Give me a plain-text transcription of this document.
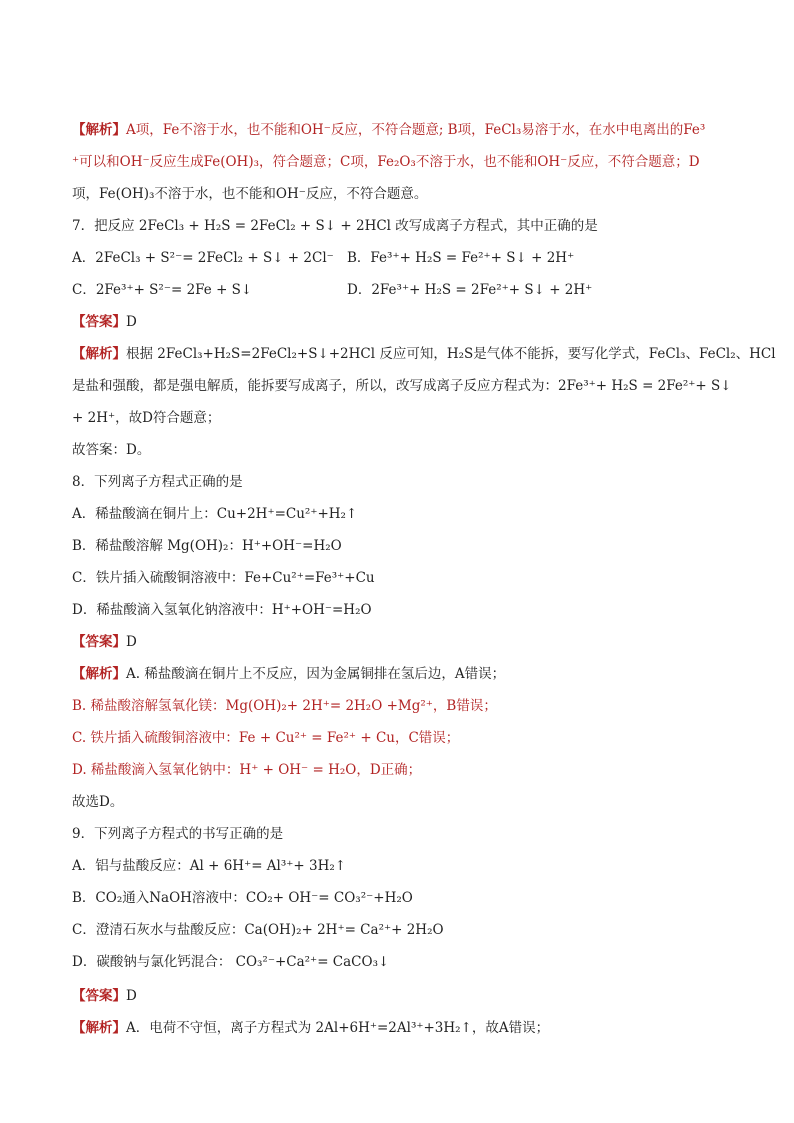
【解析】A项，Fe不溶于水，也不能和OH⁻反应，不符合题意; B项，FeCl₃易溶于水，在水中电离出的Fe³
⁺可以和OH⁻反应生成Fe(OH)₃，符合题意；C项，Fe₂O₃不溶于水，也不能和OH⁻反应，不符合题意；D
项，Fe(OH)₃不溶于水，也不能和OH⁻反应，不符合题意。
7．把反应 2FeCl₃ + H₂S = 2FeCl₂ + S↓ + 2HCl 改写成离子方程式，其中正确的是
A．2FeCl₃ + S²⁻= 2FeCl₂ + S↓ + 2Cl⁻ B．Fe³⁺+ H₂S = Fe²⁺+ S↓ + 2H⁺
C．2Fe³⁺+ S²⁻= 2Fe + S↓	D．2Fe³⁺+ H₂S = 2Fe²⁺+ S↓ + 2H⁺
【答案】D
【解析】根据 2FeCl₃+H₂S=2FeCl₂+S↓+2HCl 反应可知，H₂S是气体不能拆，要写化学式，FeCl₃、FeCl₂、HCl
是盐和强酸，都是强电解质，能拆要写成离子，所以，改写成离子反应方程式为：2Fe³⁺+ H₂S = 2Fe²⁺+ S↓
+ 2H⁺，故D符合题意；
故答案：D。
8．下列离子方程式正确的是
A．稀盐酸滴在铜片上：Cu+2H⁺=Cu²⁺+H₂↑
B．稀盐酸溶解 Mg(OH)₂：H⁺+OH⁻=H₂O
C．铁片插入硫酸铜溶液中：Fe+Cu²⁺=Fe³⁺+Cu
D．稀盐酸滴入氢氧化钠溶液中：H⁺+OH⁻=H₂O
【答案】D
【解析】A. 稀盐酸滴在铜片上不反应，因为金属铜排在氢后边，A错误；
B. 稀盐酸溶解氢氧化镁：Mg(OH)₂+ 2H⁺= 2H₂O +Mg²⁺，B错误；
C. 铁片插入硫酸铜溶液中：Fe + Cu²⁺ = Fe²⁺ + Cu，C错误；
D. 稀盐酸滴入氢氧化钠中：H⁺ + OH⁻ = H₂O，D正确；
故选D。
9．下列离子方程式的书写正确的是
A．铝与盐酸反应：Al + 6H⁺= Al³⁺+ 3H₂↑
B．CO₂通入NaOH溶液中：CO₂+ OH⁻= CO₃²⁻+H₂O
C．澄清石灰水与盐酸反应：Ca(OH)₂+ 2H⁺= Ca²⁺+ 2H₂O
D．碳酸钠与氯化钙混合： CO₃²⁻+Ca²⁺= CaCO₃↓
【答案】D
【解析】A．电荷不守恒，离子方程式为 2Al+6H⁺=2Al³⁺+3H₂↑，故A错误；
